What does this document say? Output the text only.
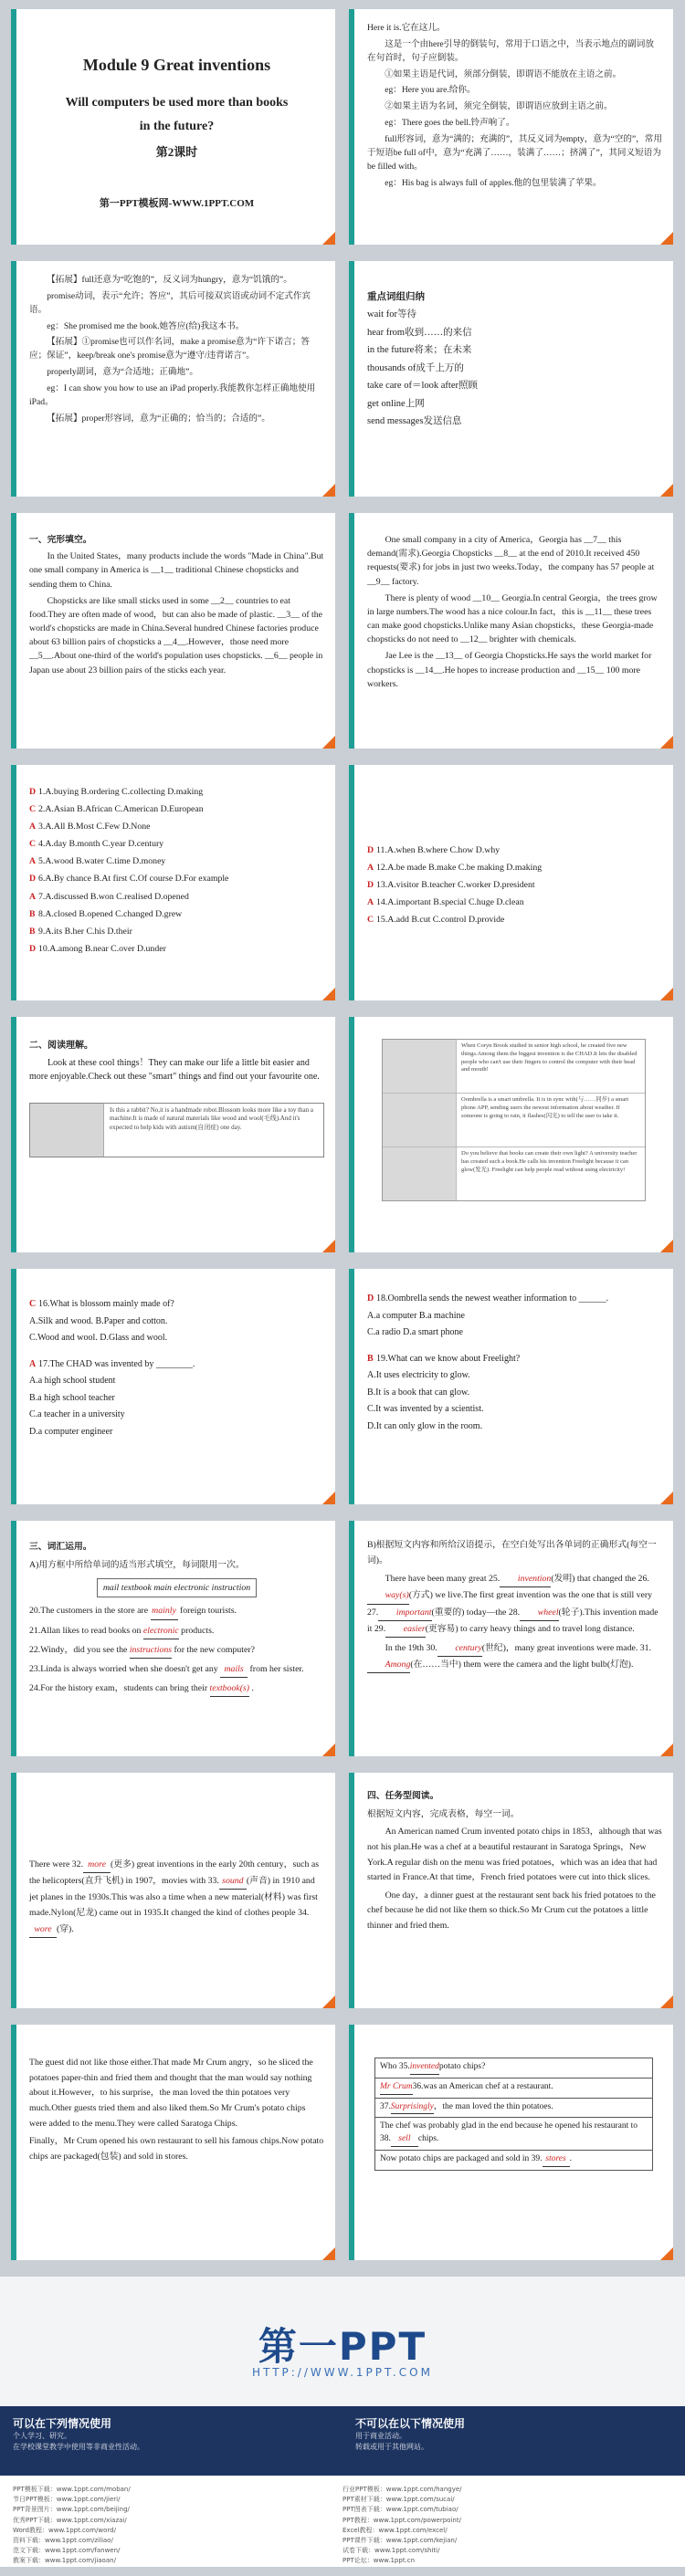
Module 9 Great inventions
Will computers be used more than books
in the future?
第2课时
第一PPT模板网-WWW.1PPT.COM
Here it is.它在这儿。
这是一个由here引导的倒装句，常用于口语之中，当表示地点的副词放在句首时，句子应倒装。
①如果主语是代词，须部分倒装，即谓语不能放在主语之前。
eg：Here you are.给你。
②如果主语为名词，须完全倒装，即谓语应放到主语之前。
eg：There goes the bell.铃声响了。
full形容词，意为“满的；充满的”，其反义词为empty，意为“空的”，常用于短语be full of中，意为“充满了……，装满了……；挤满了”，其同义短语为be filled with。
eg：His bag is always full of apples.他的包里装满了苹果。
【拓展】full还意为“吃饱的”，反义词为hungry，意为“饥饿的”。
promise动词，表示“允许；答应”，其后可接双宾语或动词不定式作宾语。
eg：She promised me the book.她答应(给)我这本书。
【拓展】①promise也可以作名词，make a promise意为“许下诺言；答应；保证”，keep/break one's promise意为“遵守/违背诺言”。
properly副词，意为“合适地；正确地”。
eg：I can show you how to use an iPad properly.我能教你怎样正确地使用iPad。
【拓展】proper形容词，意为“正确的；恰当的；合适的”。
重点词组归纳
wait for等待
hear from收到……的来信
in the future将来；在未来
thousands of成千上万的
take care of＝look after照顾
get online上网
send messages发送信息
一、完形填空。
In the United States，many products include the words "Made in China".But one small company in America is __1__ traditional Chinese chopsticks and sending them to China.
Chopsticks are like small sticks used in some __2__ countries to eat food.They are often made of wood，but can also be made of plastic. __3__ of the world's chopsticks are made in China.Several hundred Chinese factories produce about 63 billion pairs of chopsticks a __4__.However，those need more __5__.About one-third of the world's population uses chopsticks. __6__ people in Japan use about 23 billion pairs of the sticks each year.
One small company in a city of America，Georgia has __7__ this demand(需求).Georgia Chopsticks __8__ at the end of 2010.It received 450 requests(要求) for jobs in just two weeks.Today，the company has 57 people at __9__ factory.
There is plenty of wood __10__ Georgia.In central Georgia，the trees grow in large numbers.The wood has a nice colour.In fact，this is __11__ these trees can make good chopsticks.Unlike many Asian chopsticks，these Georgia-made chopsticks do not need to __12__ brighter with chemicals.
Jae Lee is the __13__ of Georgia Chopsticks.He says the world market for chopsticks is __14__.He hopes to increase production and __15__ 100 more workers.
D 1.A.buying B.ordering C.collecting D.making
C 2.A.Asian B.African C.American D.European
A 3.A.All B.Most C.Few D.None
C 4.A.day B.month C.year D.century
A 5.A.wood B.water C.time D.money
D 6.A.By chance B.At first C.Of course D.For example
A 7.A.discussed B.won C.realised D.opened
B 8.A.closed B.opened C.changed D.grew
B 9.A.its B.her C.his D.their
D 10.A.among B.near C.over D.under
D 11.A.when B.where C.how D.why
A 12.A.be made B.make C.be making D.making
D 13.A.visitor B.teacher C.worker D.president
A 14.A.important B.special C.huge D.clean
C 15.A.add B.cut C.control D.provide
二、阅读理解。
Look at these cool things！They can make our life a little bit easier and more enjoyable.Check out these "smart" things and find out your favourite one.
Is this a rabbit? No,it is a handmade robot.Blossom looks more like a toy than a machine.It is made of natural materials like wood and wool(毛线).And it's expected to help kids with autism(自闭症) one day.
When Coryn Brook studied in senior high school, he created five new things.Among them the biggest invention is the CHAD.It lets the disabled people who can't use their fingers to control the computer with their head and mouth!
Oombrella is a smart umbrella. It is in sync with(与……同步) a smart phone APP, sending users the newest information about weather. If someone is going to rain, it flashes(闪光) to tell the user to take it.
Do you believe that books can create their own light? A university teacher has created such a book.He calls his invention Freelight because it can glow(发光). Freelight can help people read without using electricity!
C 16.What is blossom mainly made of?
A.Silk and wood. B.Paper and cotton.
C.Wood and wool. D.Glass and wool.
A 17.The CHAD was invented by ________.
A.a high school student
B.a high school teacher
C.a teacher in a university
D.a computer engineer
D 18.Oombrella sends the newest weather information to ______.
A.a computer B.a machine
C.a radio D.a smart phone
B 19.What can we know about Freelight?
A.It uses electricity to glow.
B.It is a book that can glow.
C.It was invented by a scientist.
D.It can only glow in the room.
三、词汇运用。
A)用方框中所给单词的适当形式填空，每词限用一次。
mail textbook main electronic instruction
20.The customers in the store are mainly foreign tourists.
21.Allan likes to read books on electronic products.
22.Windy，did you see the instructions for the new computer?
23.Linda is always worried when she doesn't get any mails from her sister.
24.For the history exam，students can bring their textbook(s) .
B)根据短文内容和所给汉语提示，在空白处写出各单词的正确形式(每空一词)。
There have been many great 25. invention(发明) that changed the 26.way(s)(方式) we live.The first great invention was the one that is still very 27. important(重要的) today—the 28. wheel(轮子).This invention made it 29. easier(更容易) to carry heavy things and to travel long distance.
In the 19th 30. century(世纪)，many great inventions were made. 31.Among(在……当中) them were the camera and the light bulb(灯泡).
There were 32. more (更多) great inventions in the early 20th century，such as the helicopters(直升飞机) in 1907，movies with 33. sound (声音) in 1910 and jet planes in the 1930s.This was also a time when a new material(材料) was first made.Nylon(尼龙) came out in 1935.It changed the kind of clothes people 34.wore (穿).
四、任务型阅读。
根据短文内容，完成表格，每空一词。
An American named Crum invented potato chips in 1853，although that was not his plan.He was a chef at a beautiful restaurant in Saratoga Springs，New York.A regular dish on the menu was fried potatoes，which was an idea that had started in France.At that time，French fried potatoes were cut into thick slices.
One day，a dinner guest at the restaurant sent back his fried potatoes to the chef because he did not like them so thick.So Mr Crum cut the potatoes a little thinner and fried them.
The guest did not like those either.That made Mr Crum angry，so he sliced the potatoes paper-thin and fried them and thought that the man would say nothing about it.However，to his surprise，the man loved the thin potatoes very much.Other guests tried them and also liked them.So Mr Crum's potato chips were added to the menu.They were called Saratoga Chips.
Finally，Mr Crum opened his own restaurant to sell his famous chips.Now potato chips are packaged(包装) and sold in stores.
Who 35.inventedpotato chips?
Mr Crum36.was an American chef at a restaurant.
37.Surprisingly，the man loved the thin potatoes.
The chef was probably glad in the end because he opened his restaurant to 38. sell chips.
Now potato chips are packaged and sold in 39. stores .
第一PPT
HTTP://WWW.1PPT.COM
可以在下列情况使用
个人学习、研究。
在学校课堂教学中使用等非商业性活动。
不可以在以下情况使用
用于商业活动。
转载或用于其他网站。
PPT模板下载：www.1ppt.com/moban/
节日PPT模板：www.1ppt.com/jieri/
PPT背景图片：www.1ppt.com/beijing/
优秀PPT下载：www.1ppt.com/xiazai/
Word教程：www.1ppt.com/word/
资料下载：www.1ppt.com/ziliao/
范文下载：www.1ppt.com/fanwen/
教案下载：www.1ppt.com/jiaoan/
行业PPT模板：www.1ppt.com/hangye/
PPT素材下载：www.1ppt.com/sucai/
PPT图表下载：www.1ppt.com/tubiao/
PPT教程：www.1ppt.com/powerpoint/
Excel教程：www.1ppt.com/excel/
PPT课件下载：www.1ppt.com/kejian/
试卷下载：www.1ppt.com/shiti/
PPT论坛：www.1ppt.cn
